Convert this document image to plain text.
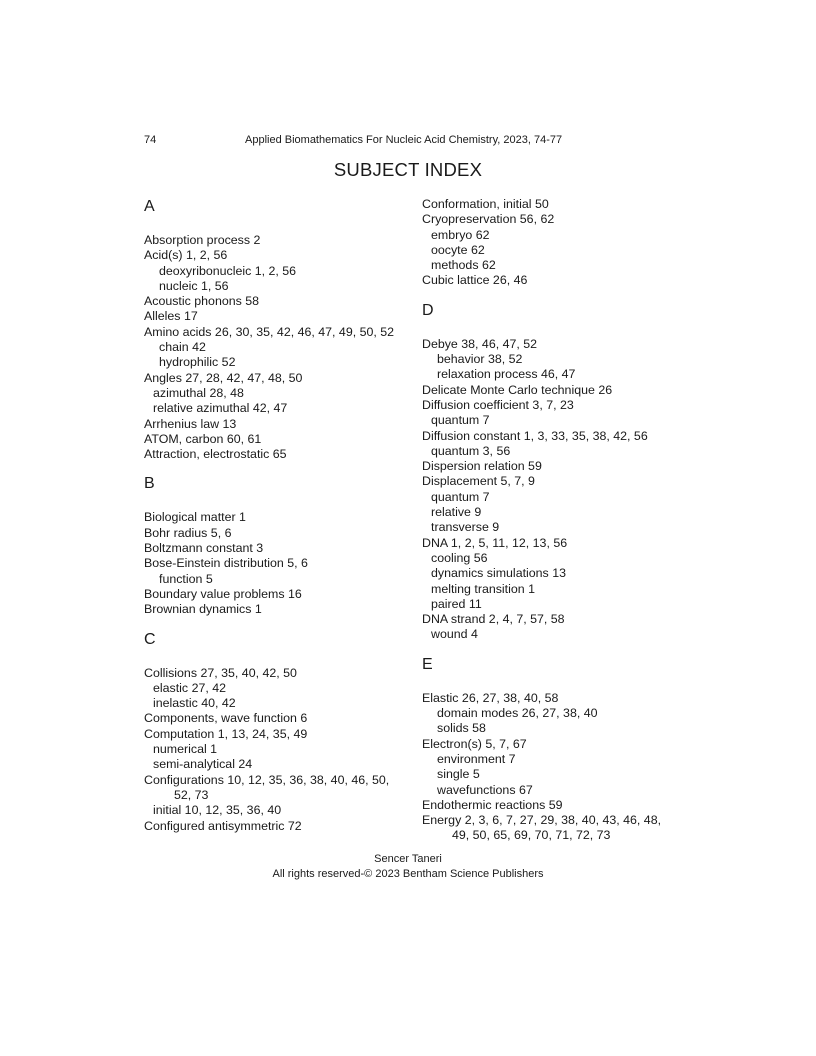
74	Applied Biomathematics For Nucleic Acid Chemistry, 2023, 74-77
SUBJECT INDEX
A
Absorption process 2
Acid(s) 1, 2, 56
deoxyribonucleic 1, 2, 56
nucleic 1, 56
Acoustic phonons 58
Alleles 17
Amino acids 26, 30, 35, 42, 46, 47, 49, 50, 52
chain 42
hydrophilic 52
Angles 27, 28, 42, 47, 48, 50
azimuthal 28, 48
relative azimuthal 42, 47
Arrhenius law 13
ATOM, carbon 60, 61
Attraction, electrostatic 65
B
Biological matter 1
Bohr radius 5, 6
Boltzmann constant 3
Bose-Einstein distribution 5, 6
function 5
Boundary value problems 16
Brownian dynamics 1
C
Collisions 27, 35, 40, 42, 50
elastic 27, 42
inelastic 40, 42
Components, wave function 6
Computation 1, 13, 24, 35, 49
numerical 1
semi-analytical 24
Configurations 10, 12, 35, 36, 38, 40, 46, 50,
52, 73
initial 10, 12, 35, 36, 40
Configured antisymmetric 72
Conformation, initial 50
Cryopreservation 56, 62
embryo 62
oocyte 62
methods 62
Cubic lattice 26, 46
D
Debye 38, 46, 47, 52
behavior 38, 52
relaxation process 46, 47
Delicate Monte Carlo technique 26
Diffusion coefficient 3, 7, 23
quantum 7
Diffusion constant 1, 3, 33, 35, 38, 42, 56
quantum 3, 56
Dispersion relation 59
Displacement 5, 7, 9
quantum 7
relative 9
transverse 9
DNA 1, 2, 5, 11, 12, 13, 56
cooling 56
dynamics simulations 13
melting transition 1
paired 11
DNA strand 2, 4, 7, 57, 58
wound 4
E
Elastic 26, 27, 38, 40, 58
domain modes 26, 27, 38, 40
solids 58
Electron(s) 5, 7, 67
environment 7
single 5
wavefunctions 67
Endothermic reactions 59
Energy 2, 3, 6, 7, 27, 29, 38, 40, 43, 46, 48,
49, 50, 65, 69, 70, 71, 72, 73
Sencer Taneri
All rights reserved-© 2023 Bentham Science Publishers
